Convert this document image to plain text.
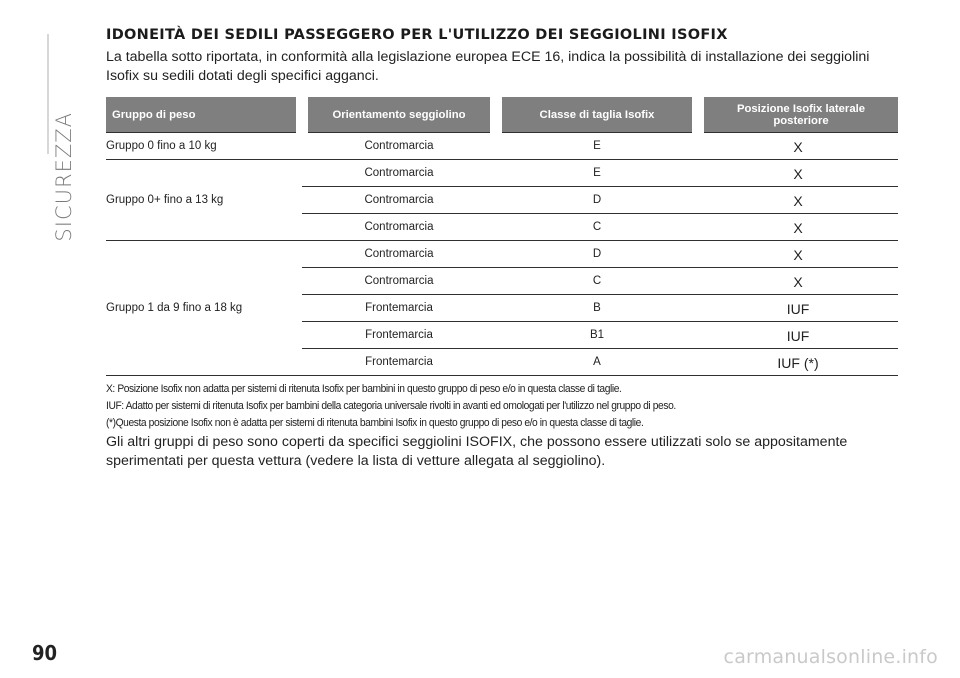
SICUREZZA
IDONEITÀ DEI SEDILI PASSEGGERO PER L'UTILIZZO DEI SEGGIOLINI ISOFIX

La tabella sotto riportata, in conformità alla legislazione europea ECE 16, indica la possibilità di installazione dei seggiolini Isofix su sedili dotati degli specifici agganci.

Gruppo di peso	Orientamento seggiolino	Classe di taglia Isofix	Posizione Isofix laterale posteriore
Gruppo 0 fino a 10 kg	Contromarcia	E	X
Gruppo 0+ fino a 13 kg	Contromarcia	E	X
	Contromarcia	D	X
	Contromarcia	C	X
Gruppo 1 da 9 fino a 18 kg	Contromarcia	D	X
	Contromarcia	C	X
	Frontemarcia	B	IUF
	Frontemarcia	B1	IUF
	Frontemarcia	A	IUF (*)

X: Posizione Isofix non adatta per sistemi di ritenuta Isofix per bambini in questo gruppo di peso e/o in questa classe di taglie.

IUF: Adatto per sistemi di ritenuta Isofix per bambini della categoria universale rivolti in avanti ed omologati per l'utilizzo nel gruppo di peso.

(*)Questa posizione Isofix non è adatta per sistemi di ritenuta bambini Isofix in questo gruppo di peso e/o in questa classe di taglie.

Gli altri gruppi di peso sono coperti da specifici seggiolini ISOFIX, che possono essere utilizzati solo se appositamente sperimentati per questa vettura (vedere la lista di vetture allegata al seggiolino).

90	carmanualsonline.info
